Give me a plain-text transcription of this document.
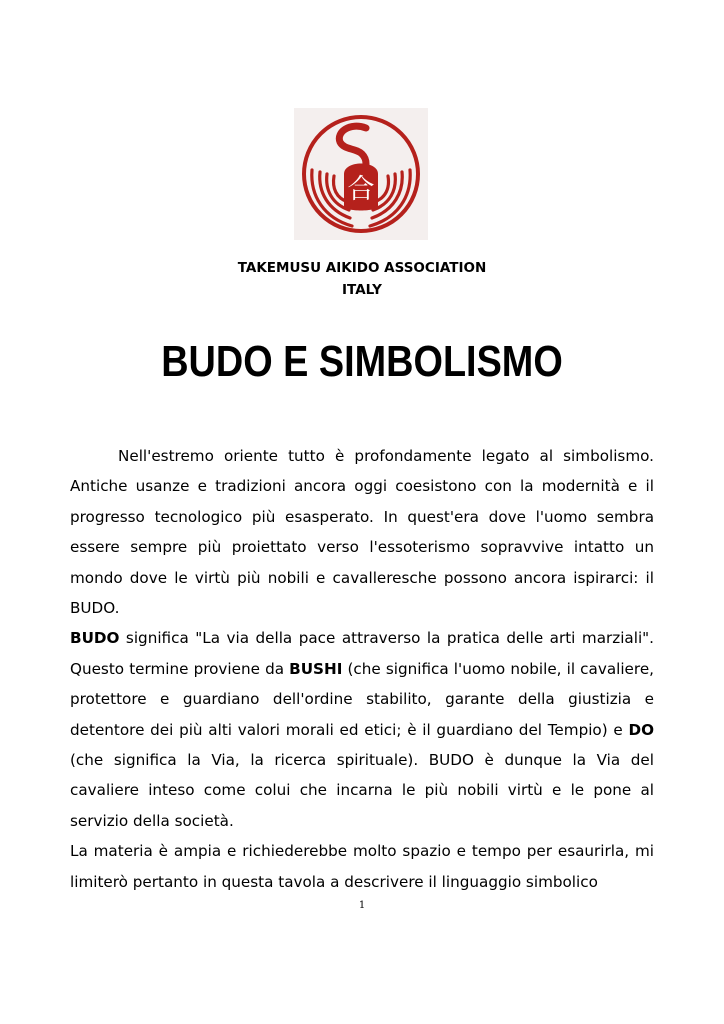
合
TAKEMUSU AIKIDO ASSOCIATION
ITALY
BUDO E SIMBOLISMO

Nell'estremo oriente tutto è profondamente legato al simbolismo. Antiche usanze e tradizioni ancora oggi coesistono con la modernità e il progresso tecnologico più esasperato. In quest'era dove l'uomo sembra essere sempre più proiettato verso l'essoterismo sopravvive intatto un mondo dove le virtù più nobili e cavalleresche possono ancora ispirarci: il BUDO.

BUDO significa "La via della pace attraverso la pratica delle arti marziali". Questo termine proviene da BUSHI (che significa l'uomo nobile, il cavaliere, protettore e guardiano dell'ordine stabilito, garante della giustizia e detentore dei più alti valori morali ed etici; è il guardiano del Tempio) e DO (che significa la Via, la ricerca spirituale). BUDO è dunque la Via del cavaliere inteso come colui che incarna le più nobili virtù e le pone al servizio della società.

La materia è ampia e richiederebbe molto spazio e tempo per esaurirla, mi limiterò pertanto in questa tavola a descrivere il linguaggio simbolico

1
